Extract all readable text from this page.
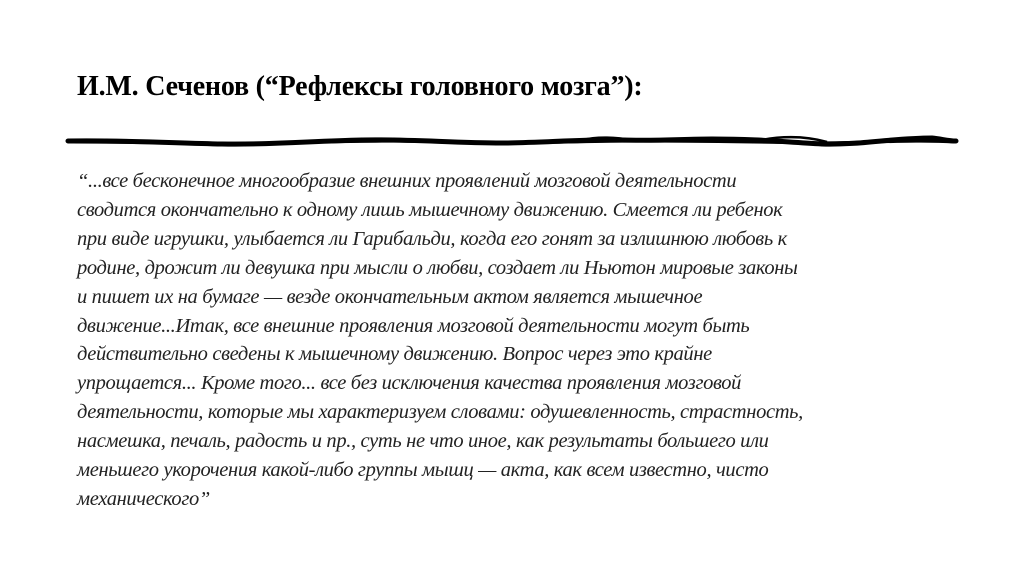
И.М. Сеченов (“Рефлексы головного мозга”):
“...все бесконечное многообразие внешних проявлений мозговой деятельности
сводится окончательно к одному лишь мышечному движению. Смеется ли ребенок
при виде игрушки, улыбается ли Гарибальди, когда его гонят за излишнюю любовь к
родине, дрожит ли девушка при мысли о любви, создает ли Ньютон мировые законы
и пишет их на бумаге — везде окончательным актом является мышечное
движение...Итак, все внешние проявления мозговой деятельности могут быть
действительно сведены к мышечному движению. Вопрос через это крайне
упрощается... Кроме того... все без исключения качества проявления мозговой
деятельности, которые мы характеризуем словами: одушевленность, страстность,
насмешка, печаль, радость и пр., суть не что иное, как результаты большего или
меньшего укорочения какой-либо группы мышц — акта, как всем известно, чисто
механического”
